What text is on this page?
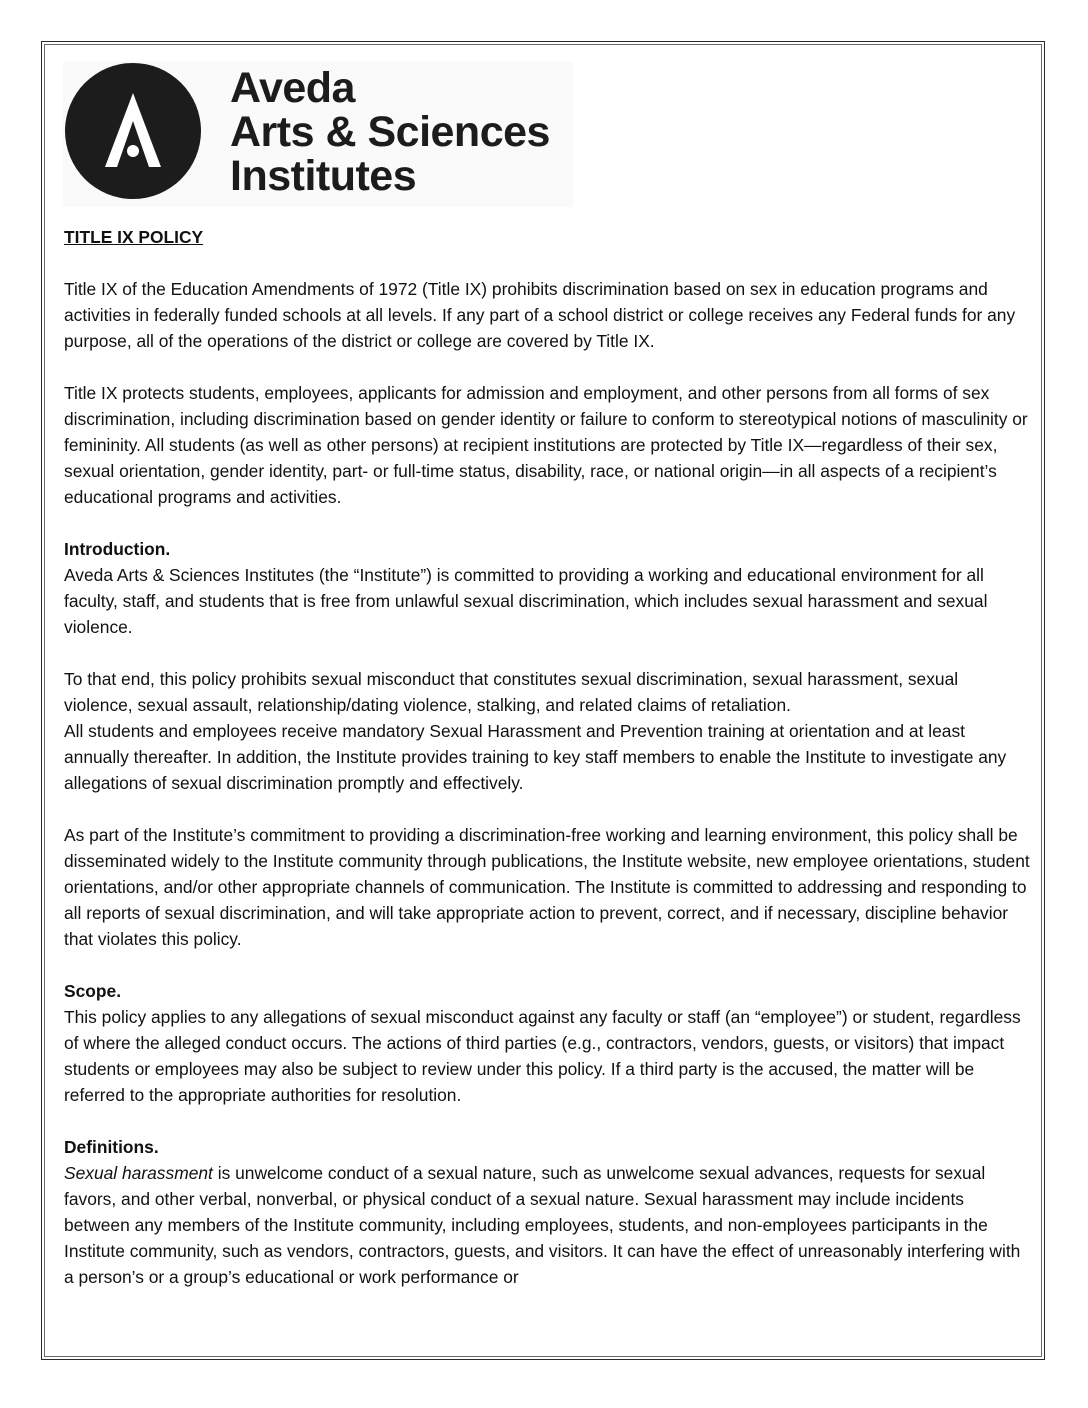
Aveda
Arts & Sciences
Institutes

TITLE IX POLICY

Title IX of the Education Amendments of 1972 (Title IX) prohibits discrimination based on sex in education programs and activities in federally funded schools at all levels. If any part of a school district or college receives any Federal funds for any purpose, all of the operations of the district or college are covered by Title IX.

Title IX protects students, employees, applicants for admission and employment, and other persons from all forms of sex discrimination, including discrimination based on gender identity or failure to conform to stereotypical notions of masculinity or femininity. All students (as well as other persons) at recipient institutions are protected by Title IX—regardless of their sex, sexual orientation, gender identity, part- or full-time status, disability, race, or national origin—in all aspects of a recipient’s educational programs and activities.

Introduction.

Aveda Arts & Sciences Institutes (the “Institute”) is committed to providing a working and educational environment for all faculty, staff, and students that is free from unlawful sexual discrimination, which includes sexual harassment and sexual violence.

To that end, this policy prohibits sexual misconduct that constitutes sexual discrimination, sexual harassment, sexual violence, sexual assault, relationship/dating violence, stalking, and related claims of retaliation.

All students and employees receive mandatory Sexual Harassment and Prevention training at orientation and at least annually thereafter. In addition, the Institute provides training to key staff members to enable the Institute to investigate any allegations of sexual discrimination promptly and effectively.

As part of the Institute’s commitment to providing a discrimination-free working and learning environment, this policy shall be disseminated widely to the Institute community through publications, the Institute website, new employee orientations, student orientations, and/or other appropriate channels of communication. The Institute is committed to addressing and responding to all reports of sexual discrimination, and will take appropriate action to prevent, correct, and if necessary, discipline behavior that violates this policy.

Scope.

This policy applies to any allegations of sexual misconduct against any faculty or staff (an “employee”) or student, regardless of where the alleged conduct occurs. The actions of third parties (e.g., contractors, vendors, guests, or visitors) that impact students or employees may also be subject to review under this policy. If a third party is the accused, the matter will be referred to the appropriate authorities for resolution.

Definitions.

Sexual harassment is unwelcome conduct of a sexual nature, such as unwelcome sexual advances, requests for sexual favors, and other verbal, nonverbal, or physical conduct of a sexual nature. Sexual harassment may include incidents between any members of the Institute community, including employees, students, and non-employees participants in the Institute community, such as vendors, contractors, guests, and visitors. It can have the effect of unreasonably interfering with a person’s or a group’s educational or work performance or
